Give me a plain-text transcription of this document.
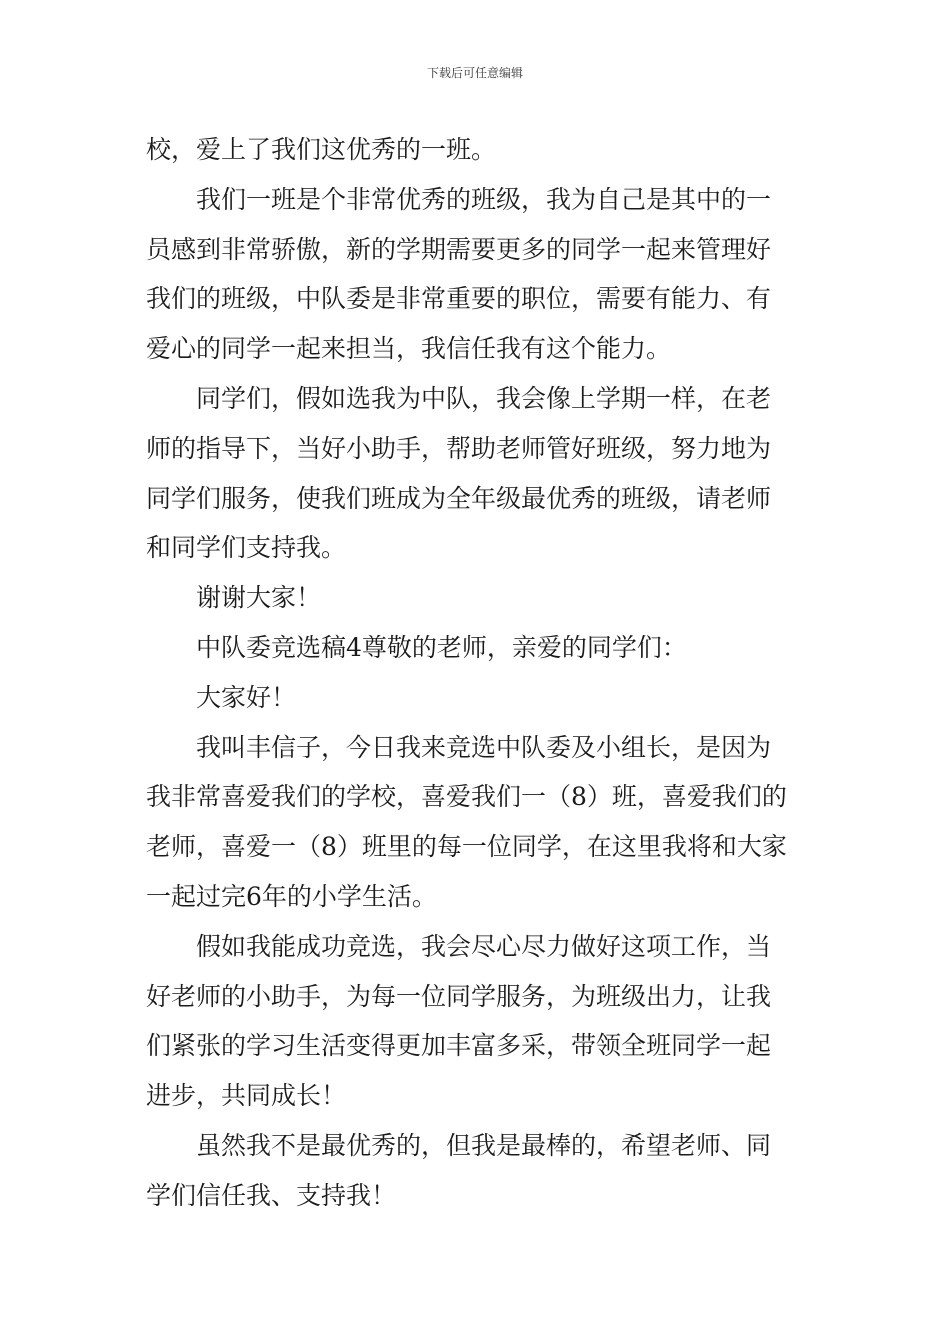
下载后可任意编辑

校，爱上了我们这优秀的一班。

我们一班是个非常优秀的班级，我为自己是其中的一
员感到非常骄傲，新的学期需要更多的同学一起来管理好
我们的班级，中队委是非常重要的职位，需要有能力、有
爱心的同学一起来担当，我信任我有这个能力。

同学们，假如选我为中队，我会像上学期一样，在老
师的指导下，当好小助手，帮助老师管好班级，努力地为
同学们服务，使我们班成为全年级最优秀的班级，请老师
和同学们支持我。

谢谢大家！

中队委竞选稿4尊敬的老师，亲爱的同学们：

大家好！

我叫丰信子，今日我来竞选中队委及小组长，是因为
我非常喜爱我们的学校，喜爱我们一（8）班，喜爱我们的
老师，喜爱一（8）班里的每一位同学，在这里我将和大家
一起过完6年的小学生活。

假如我能成功竞选，我会尽心尽力做好这项工作，当
好老师的小助手，为每一位同学服务，为班级出力，让我
们紧张的学习生活变得更加丰富多采，带领全班同学一起
进步，共同成长！

虽然我不是最优秀的，但我是最棒的，希望老师、同
学们信任我、支持我！
